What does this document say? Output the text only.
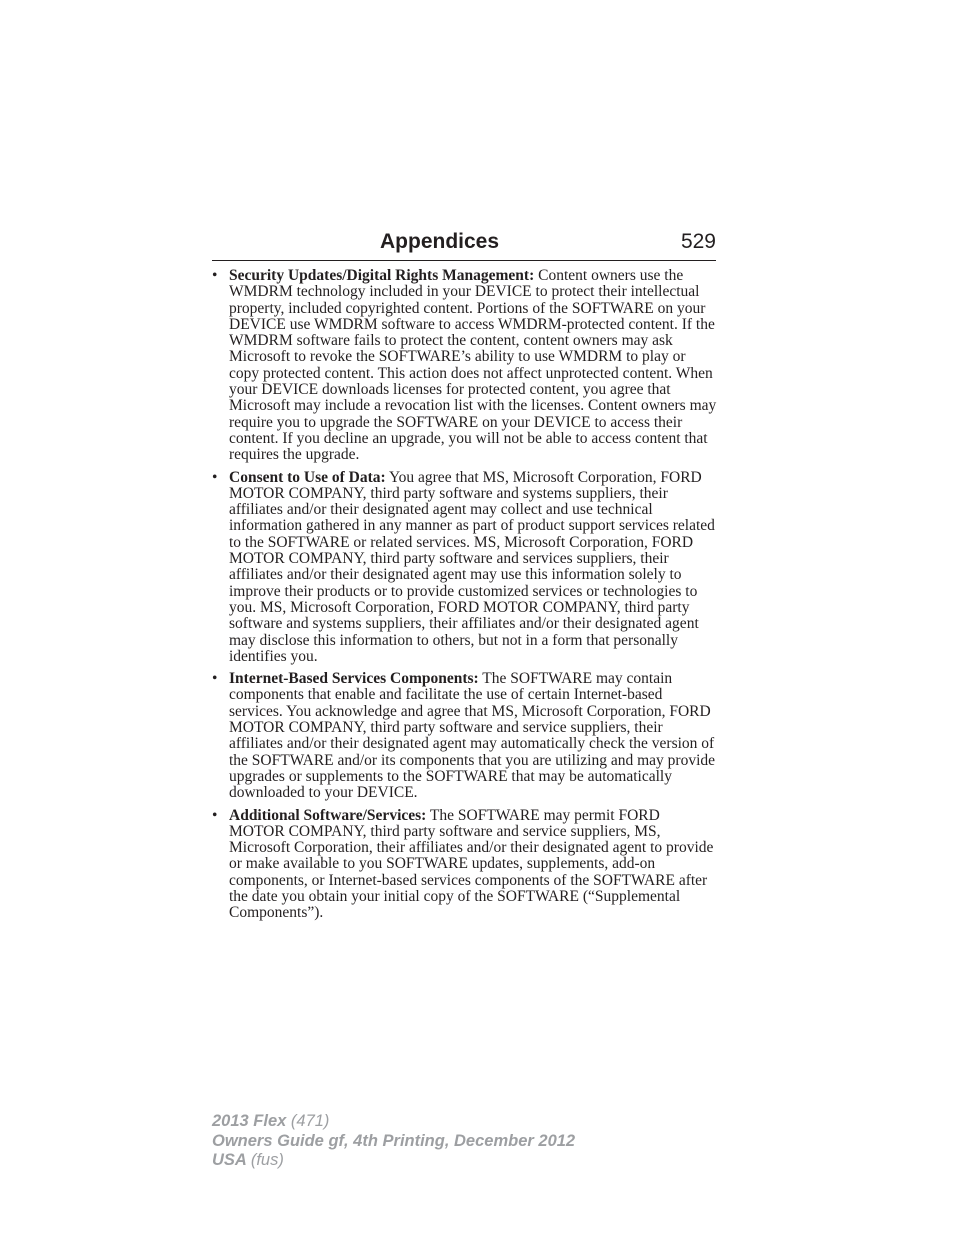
Appendices	529
• Security Updates/Digital Rights Management: Content owners use the WMDRM technology included in your DEVICE to protect their intellectual property, included copyrighted content. Portions of the SOFTWARE on your DEVICE use WMDRM software to access WMDRM-protected content. If the WMDRM software fails to protect the content, content owners may ask Microsoft to revoke the SOFTWARE’s ability to use WMDRM to play or copy protected content. This action does not affect unprotected content. When your DEVICE downloads licenses for protected content, you agree that Microsoft may include a revocation list with the licenses. Content owners may require you to upgrade the SOFTWARE on your DEVICE to access their content. If you decline an upgrade, you will not be able to access content that requires the upgrade.
• Consent to Use of Data: You agree that MS, Microsoft Corporation, FORD MOTOR COMPANY, third party software and systems suppliers, their affiliates and/or their designated agent may collect and use technical information gathered in any manner as part of product support services related to the SOFTWARE or related services. MS, Microsoft Corporation, FORD MOTOR COMPANY, third party software and services suppliers, their affiliates and/or their designated agent may use this information solely to improve their products or to provide customized services or technologies to you. MS, Microsoft Corporation, FORD MOTOR COMPANY, third party software and systems suppliers, their affiliates and/or their designated agent may disclose this information to others, but not in a form that personally identifies you.
• Internet-Based Services Components: The SOFTWARE may contain components that enable and facilitate the use of certain Internet-based services. You acknowledge and agree that MS, Microsoft Corporation, FORD MOTOR COMPANY, third party software and service suppliers, their affiliates and/or their designated agent may automatically check the version of the SOFTWARE and/or its components that you are utilizing and may provide upgrades or supplements to the SOFTWARE that may be automatically downloaded to your DEVICE.
• Additional Software/Services: The SOFTWARE may permit FORD MOTOR COMPANY, third party software and service suppliers, MS, Microsoft Corporation, their affiliates and/or their designated agent to provide or make available to you SOFTWARE updates, supplements, add-on components, or Internet-based services components of the SOFTWARE after the date you obtain your initial copy of the SOFTWARE (“Supplemental Components”).
2013 Flex (471)
Owners Guide gf, 4th Printing, December 2012
USA (fus)
